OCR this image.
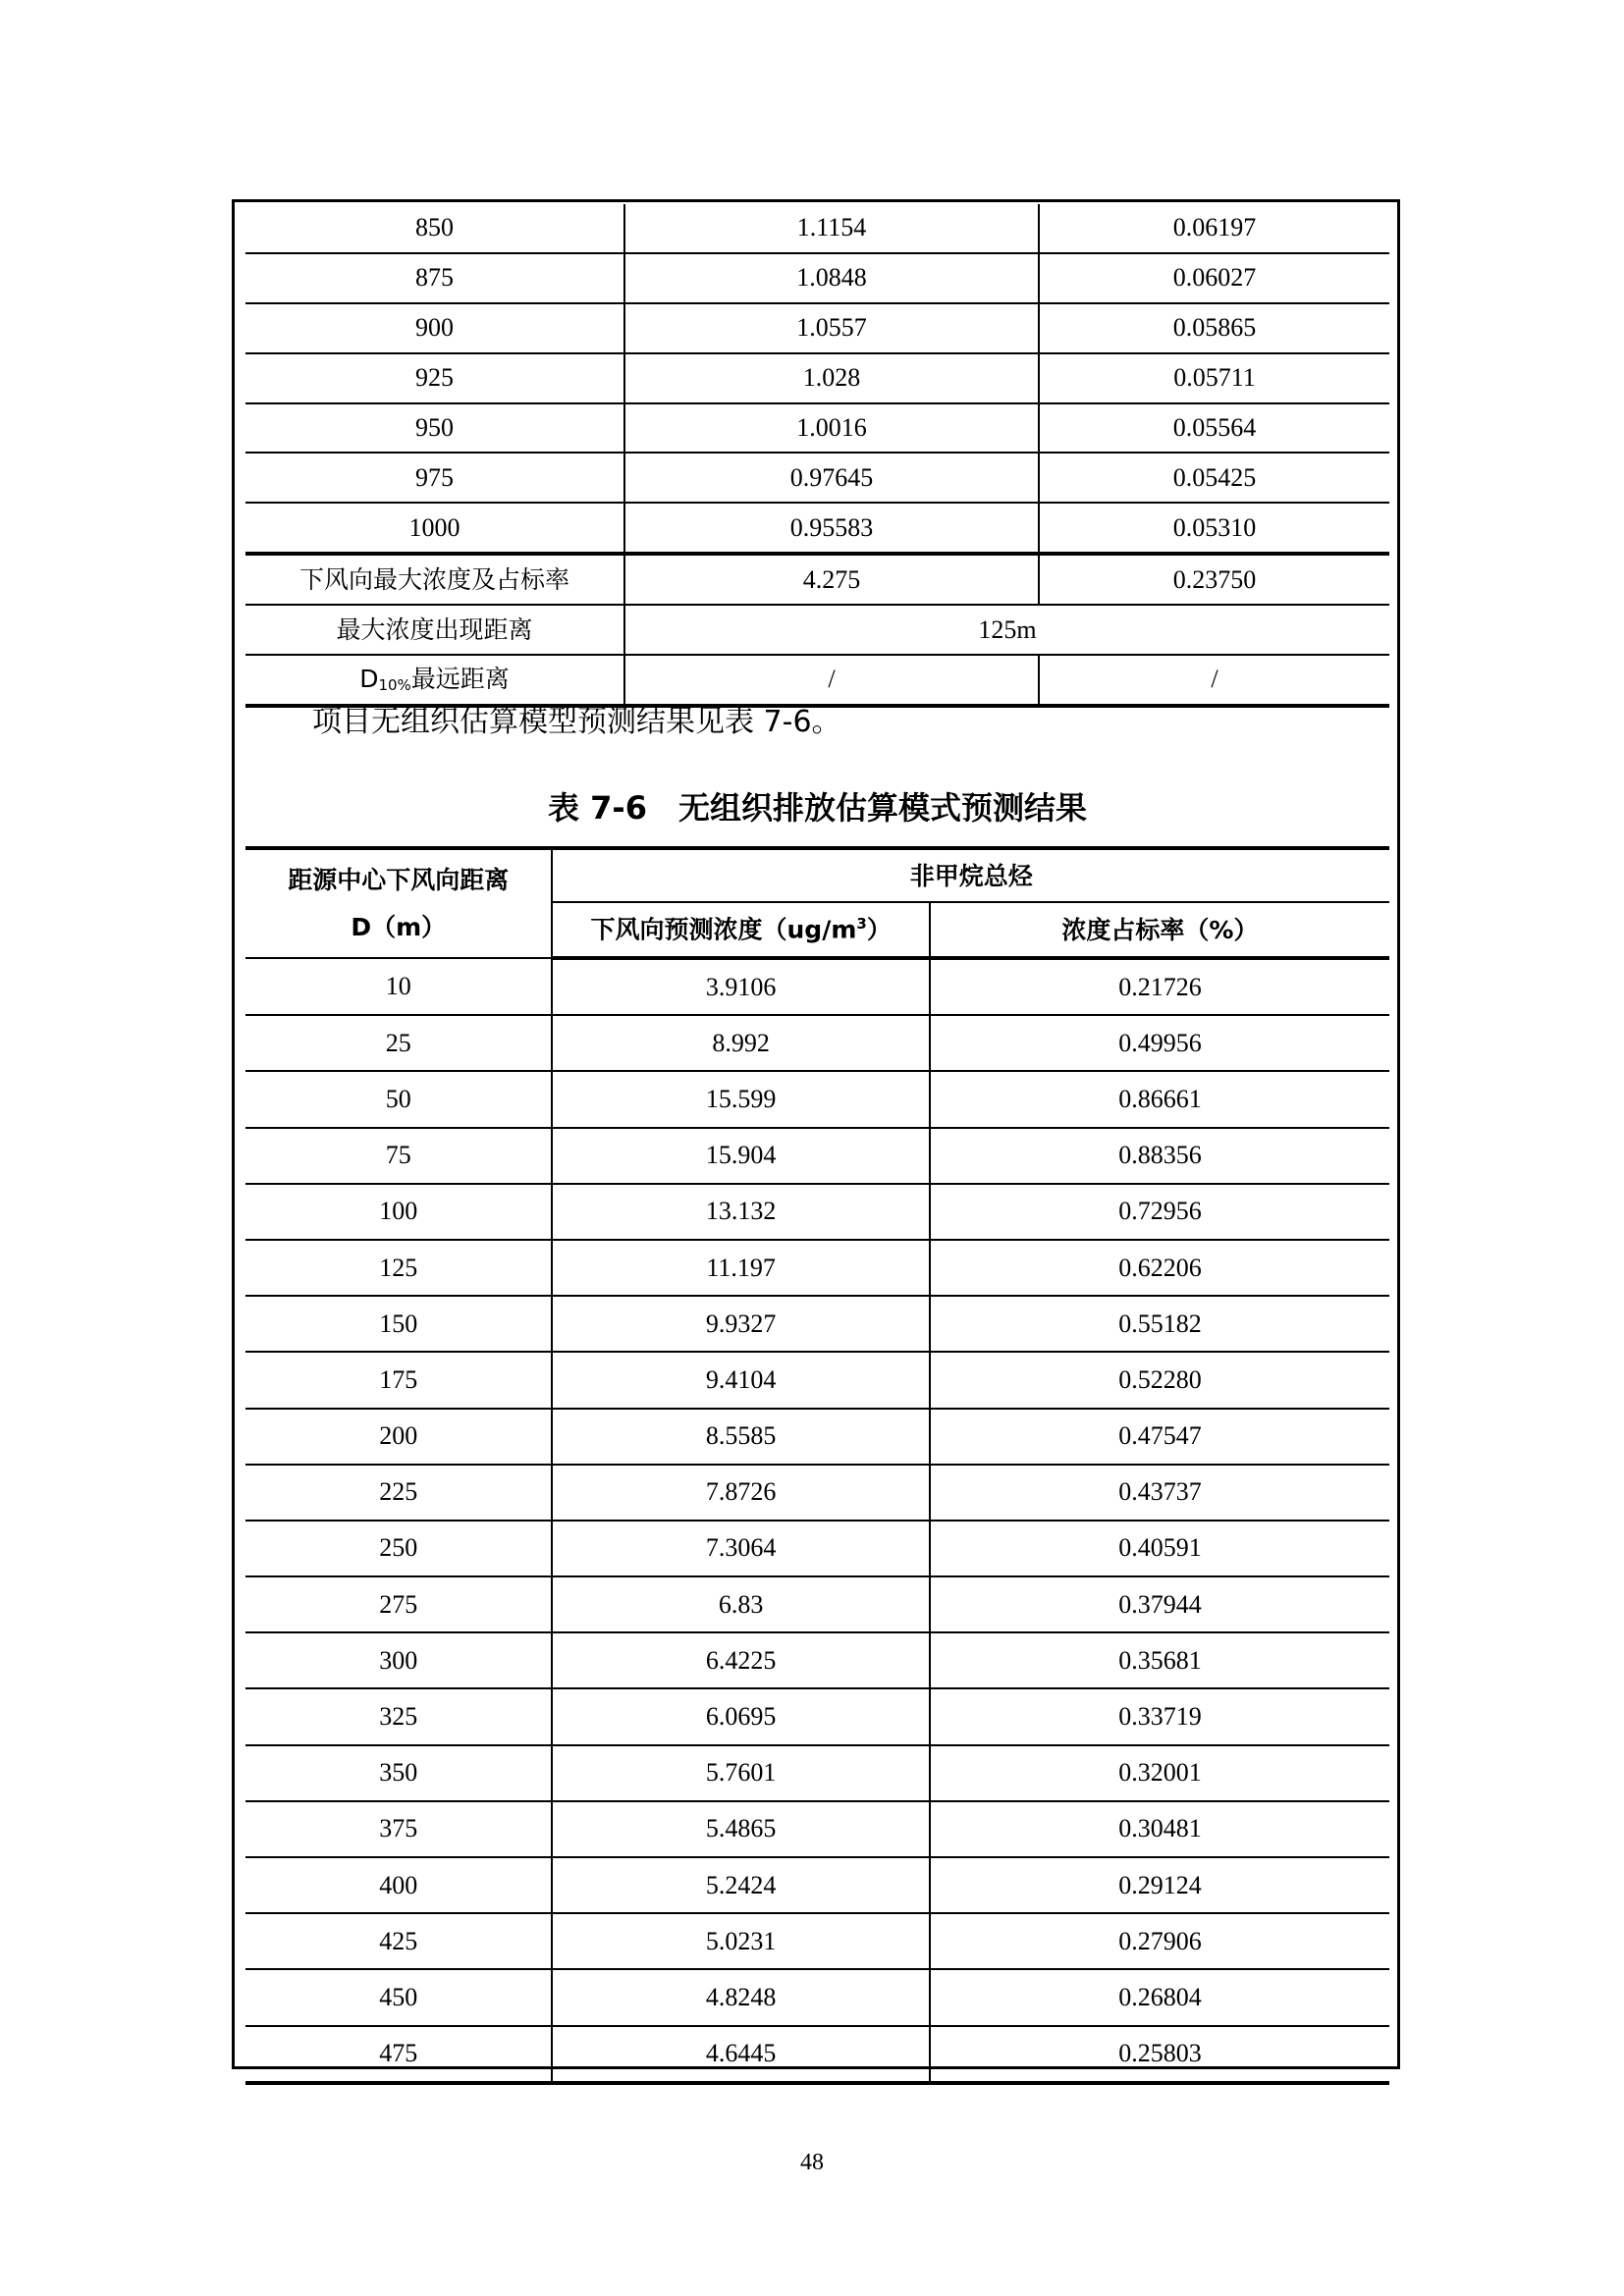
850	1.1154	0.06197
875	1.0848	0.06027
900	1.0557	0.05865
925	1.028	0.05711
950	1.0016	0.05564
975	0.97645	0.05425
1000	0.95583	0.05310
下风向最大浓度及占标率	4.275	0.23750
最大浓度出现距离	125m	
$D_{10\%}$最远距离	/	/
项目无组织估算模型预测结果见表 7-6。
表 7-6　无组织排放估算模式预测结果
距源中心下风向距离
D（m）	非甲烷总烃	
	下风向预测浓度$(ug/m^3)$	浓度占标率（%）
10	3.9106	0.21726
25	8.992	0.49956
50	15.599	0.86661
75	15.904	0.88356
100	13.132	0.72956
125	11.197	0.62206
150	9.9327	0.55182
175	9.4104	0.52280
200	8.5585	0.47547
225	7.8726	0.43737
250	7.3064	0.40591
275	6.83	0.37944
300	6.4225	0.35681
325	6.0695	0.33719
350	5.7601	0.32001
375	5.4865	0.30481
400	5.2424	0.29124
425	5.0231	0.27906
450	4.8248	0.26804
475	4.6445	0.25803
48
